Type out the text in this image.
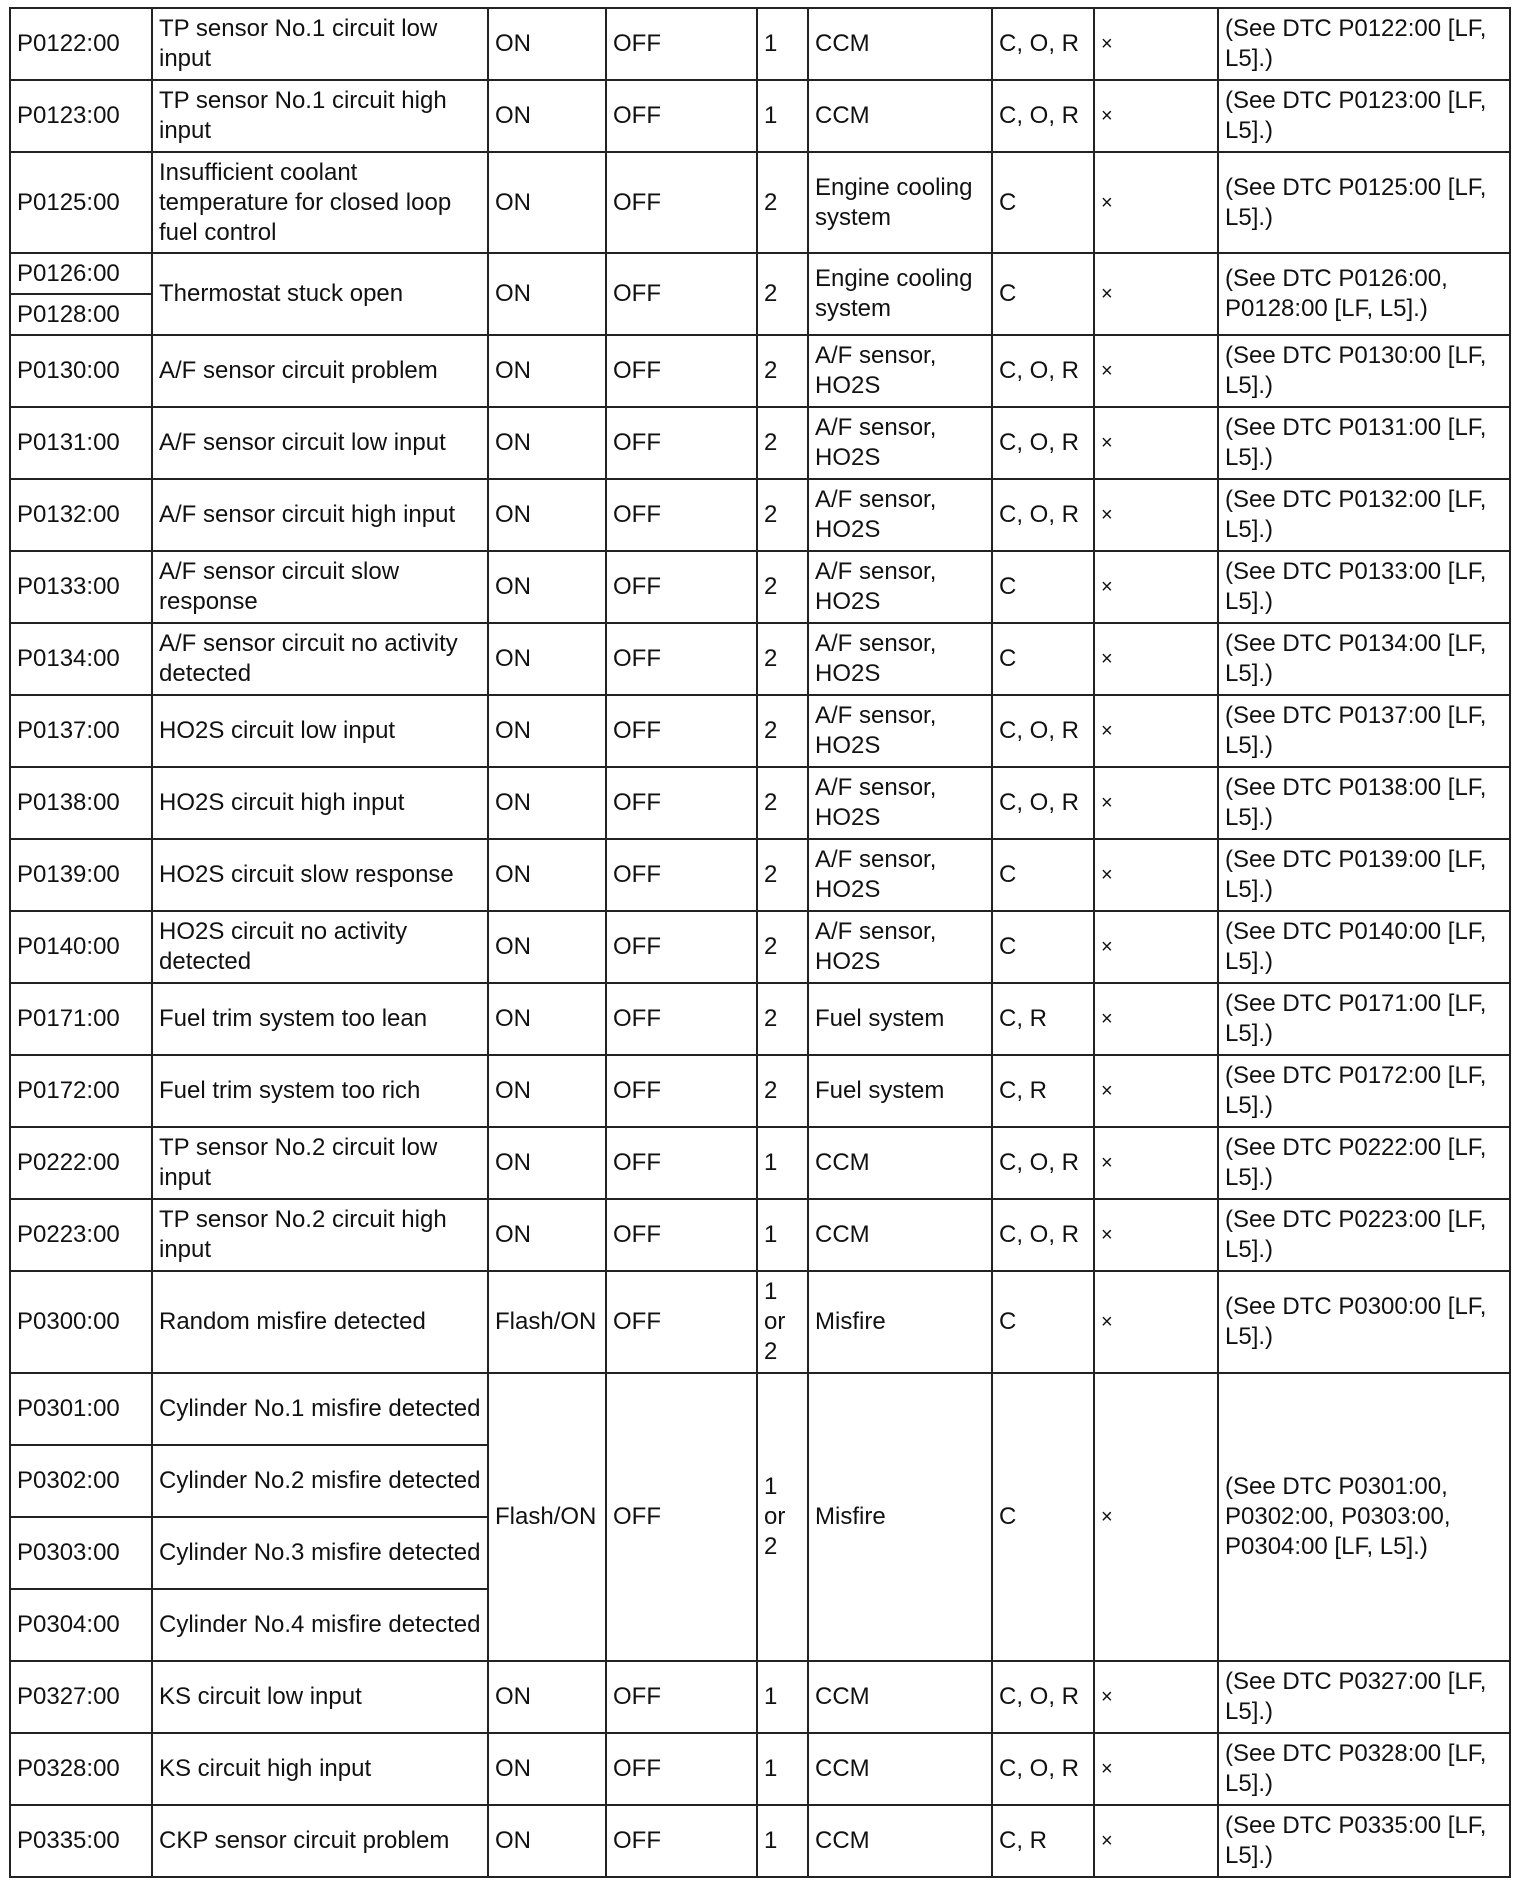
P0122:00	TP sensor No.1 circuit low input	ON	OFF	1	CCM	C, O, R	×	(See DTC P0122:00 [LF, L5].)
P0123:00	TP sensor No.1 circuit high input	ON	OFF	1	CCM	C, O, R	×	(See DTC P0123:00 [LF, L5].)
P0125:00	Insufficient coolant temperature for closed loop fuel control	ON	OFF	2	Engine cooling system	C	×	(See DTC P0125:00 [LF, L5].)
P0126:00	Thermostat stuck open	ON	OFF	2	Engine cooling system	C	×	(See DTC P0126:00, P0128:00 [LF, L5].)
P0128:00								
P0130:00	A/F sensor circuit problem	ON	OFF	2	A/F sensor, HO2S	C, O, R	×	(See DTC P0130:00 [LF, L5].)
P0131:00	A/F sensor circuit low input	ON	OFF	2	A/F sensor, HO2S	C, O, R	×	(See DTC P0131:00 [LF, L5].)
P0132:00	A/F sensor circuit high input	ON	OFF	2	A/F sensor, HO2S	C, O, R	×	(See DTC P0132:00 [LF, L5].)
P0133:00	A/F sensor circuit slow response	ON	OFF	2	A/F sensor, HO2S	C	×	(See DTC P0133:00 [LF, L5].)
P0134:00	A/F sensor circuit no activity detected	ON	OFF	2	A/F sensor, HO2S	C	×	(See DTC P0134:00 [LF, L5].)
P0137:00	HO2S circuit low input	ON	OFF	2	A/F sensor, HO2S	C, O, R	×	(See DTC P0137:00 [LF, L5].)
P0138:00	HO2S circuit high input	ON	OFF	2	A/F sensor, HO2S	C, O, R	×	(See DTC P0138:00 [LF, L5].)
P0139:00	HO2S circuit slow response	ON	OFF	2	A/F sensor, HO2S	C	×	(See DTC P0139:00 [LF, L5].)
P0140:00	HO2S circuit no activity detected	ON	OFF	2	A/F sensor, HO2S	C	×	(See DTC P0140:00 [LF, L5].)
P0171:00	Fuel trim system too lean	ON	OFF	2	Fuel system	C, R	×	(See DTC P0171:00 [LF, L5].)
P0172:00	Fuel trim system too rich	ON	OFF	2	Fuel system	C, R	×	(See DTC P0172:00 [LF, L5].)
P0222:00	TP sensor No.2 circuit low input	ON	OFF	1	CCM	C, O, R	×	(See DTC P0222:00 [LF, L5].)
P0223:00	TP sensor No.2 circuit high input	ON	OFF	1	CCM	C, O, R	×	(See DTC P0223:00 [LF, L5].)
P0300:00	Random misfire detected	Flash/ON	OFF	1 or 2	Misfire	C	×	(See DTC P0300:00 [LF, L5].)
P0301:00	Cylinder No.1 misfire detected	Flash/ON	OFF	1 or 2	Misfire	C	×	(See DTC P0301:00, P0302:00, P0303:00, P0304:00 [LF, L5].)
P0302:00	Cylinder No.2 misfire detected							
P0303:00	Cylinder No.3 misfire detected							
P0304:00	Cylinder No.4 misfire detected							
P0327:00	KS circuit low input	ON	OFF	1	CCM	C, O, R	×	(See DTC P0327:00 [LF, L5].)
P0328:00	KS circuit high input	ON	OFF	1	CCM	C, O, R	×	(See DTC P0328:00 [LF, L5].)
P0335:00	CKP sensor circuit problem	ON	OFF	1	CCM	C, R	×	(See DTC P0335:00 [LF, L5].)
